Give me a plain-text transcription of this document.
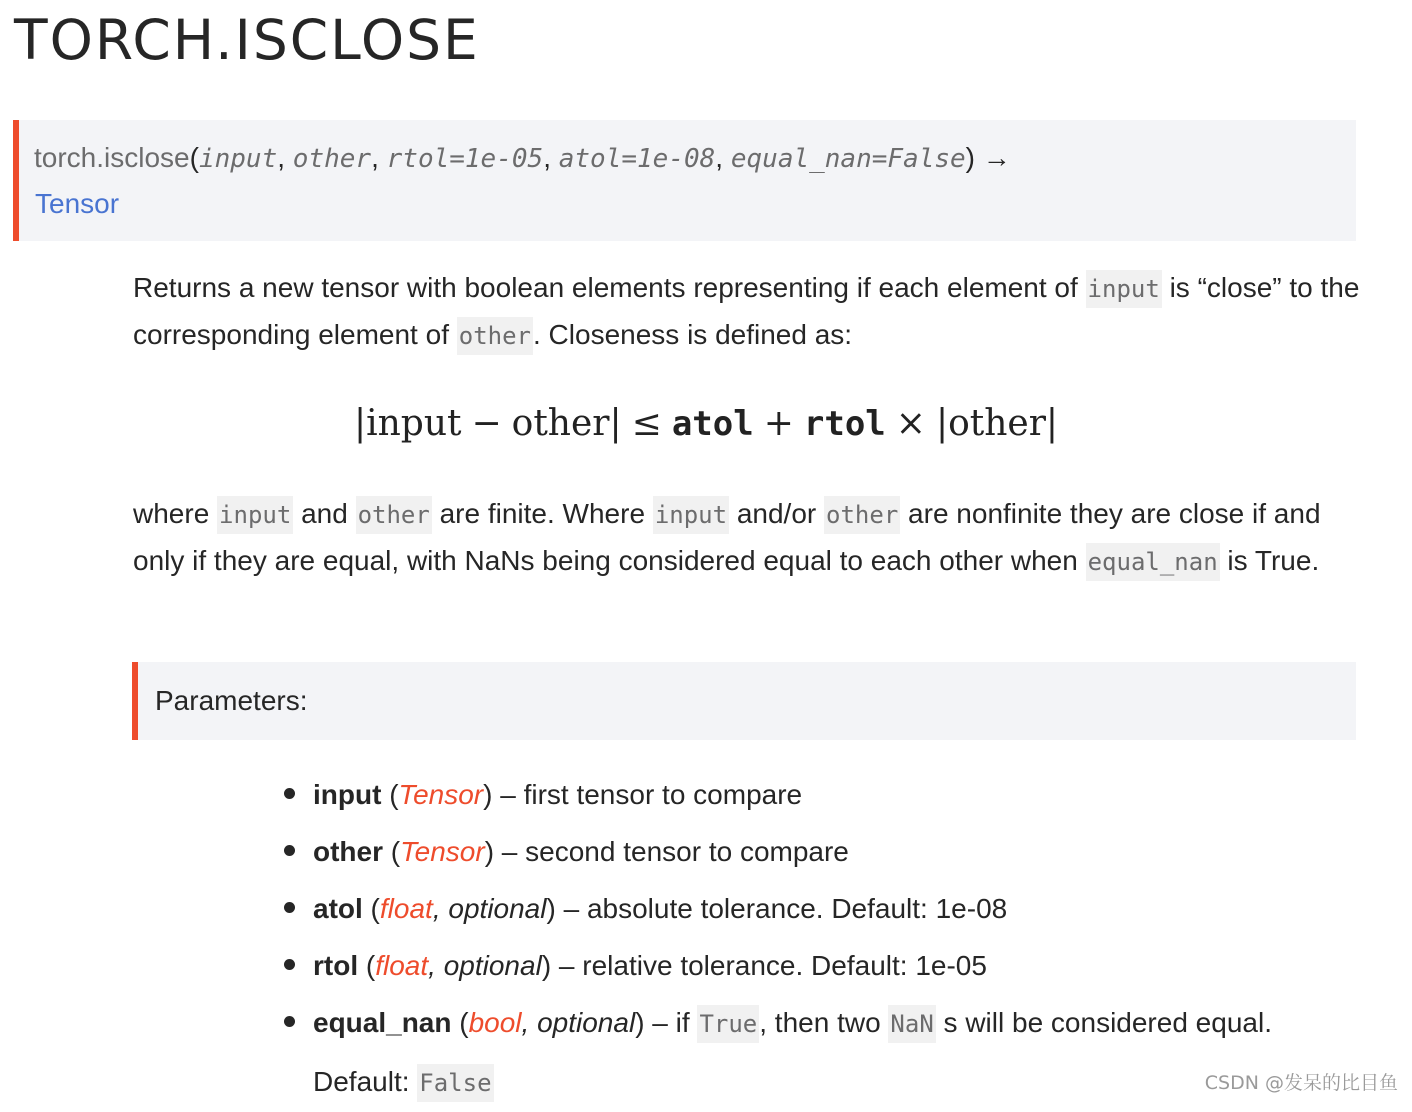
TORCH.ISCLOSE
torch.isclose(input, other, rtol=1e-05, atol=1e-08, equal_nan=False) →
Tensor

Returns a new tensor with boolean elements representing if each element of input is “close” to the corresponding element of other. Closeness is defined as:

|input − other| ≤ atol + rtol × |other|

where input and other are finite. Where input and/or other are nonfinite they are close if and only if they are equal, with NaNs being considered equal to each other when equal_nan is True.

Parameters:
input (Tensor) – first tensor to compare
other (Tensor) – second tensor to compare
atol (float, optional) – absolute tolerance. Default: 1e-08
rtol (float, optional) – relative tolerance. Default: 1e-05
equal_nan (bool, optional) – if True, then two NaN s will be considered equal.
Default: False	CSDN @发呆的比目鱼
